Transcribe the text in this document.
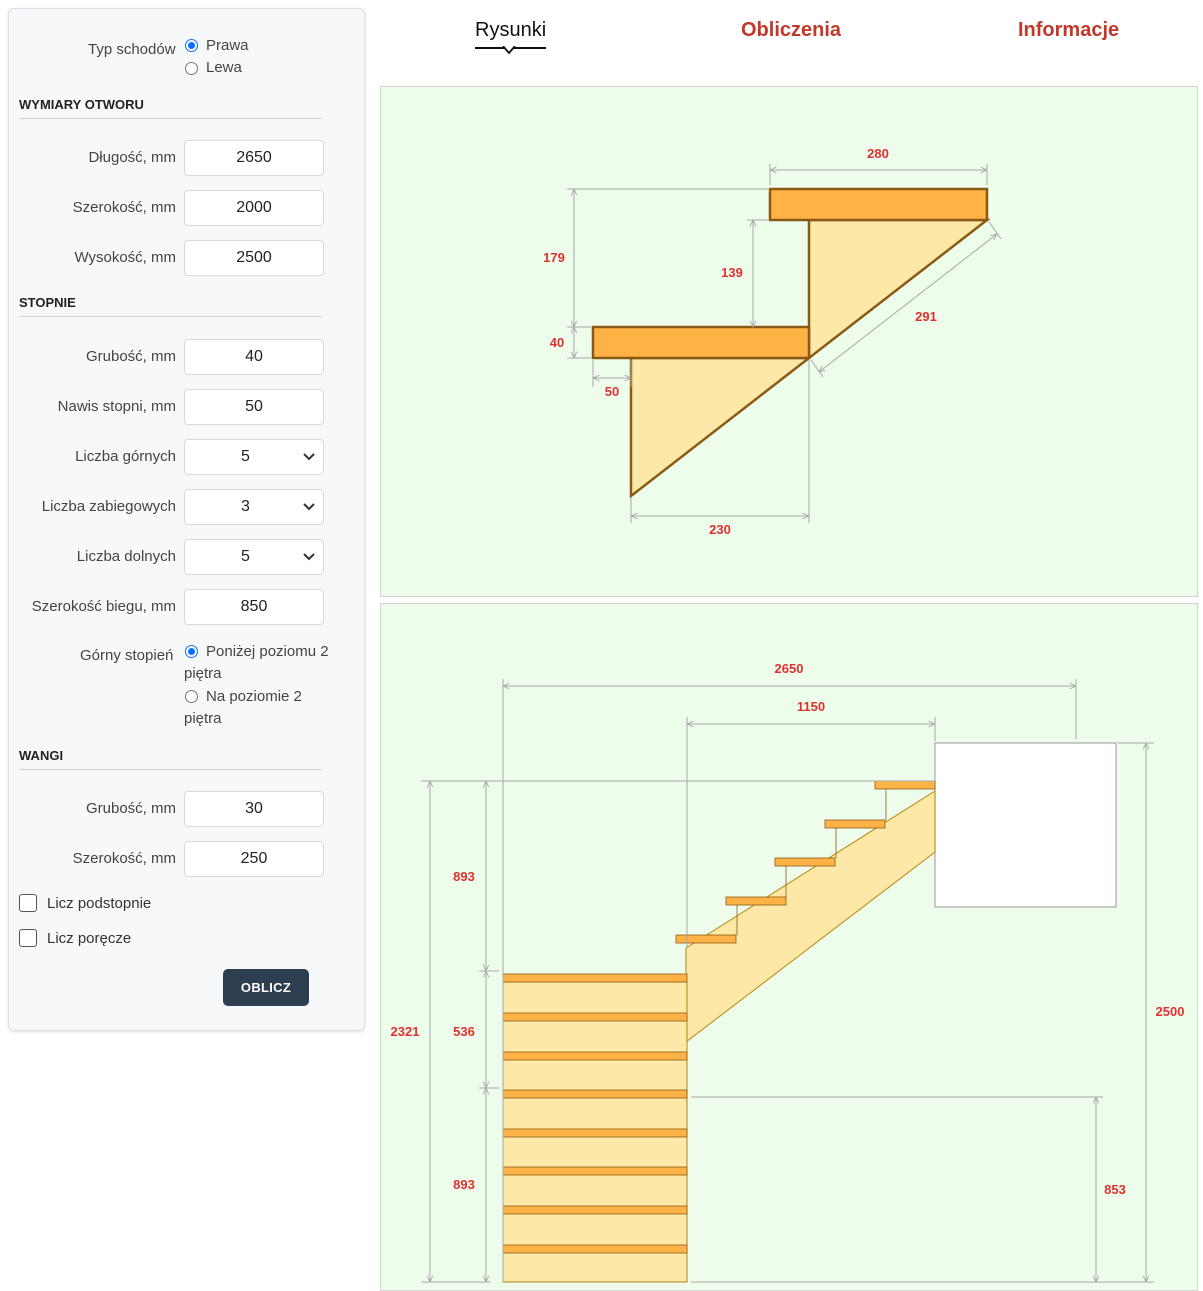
Typ schodów Prawa
Lewa
WYMIARY OTWORU
Długość, mm	2650
Szerokość, mm	2000
Wysokość, mm	2500
STOPNIE
Grubość, mm	40
Nawis stopni, mm	50
Liczba górnych	5
Liczba zabiegowych	3
Liczba dolnych	5
Szerokość biegu, mm	850
Górny stopień Poniżej poziomu 2
piętra
Na poziomie 2
piętra
WANGI
Grubość, mm	30
Szerokość, mm	250
Licz podstopnie
Licz poręcze
OBLICZ
Rysunki	Obliczenia	Informacje
280
179
139
40
50
230
291
2650
1150
2321
893
536
893
2500
853
